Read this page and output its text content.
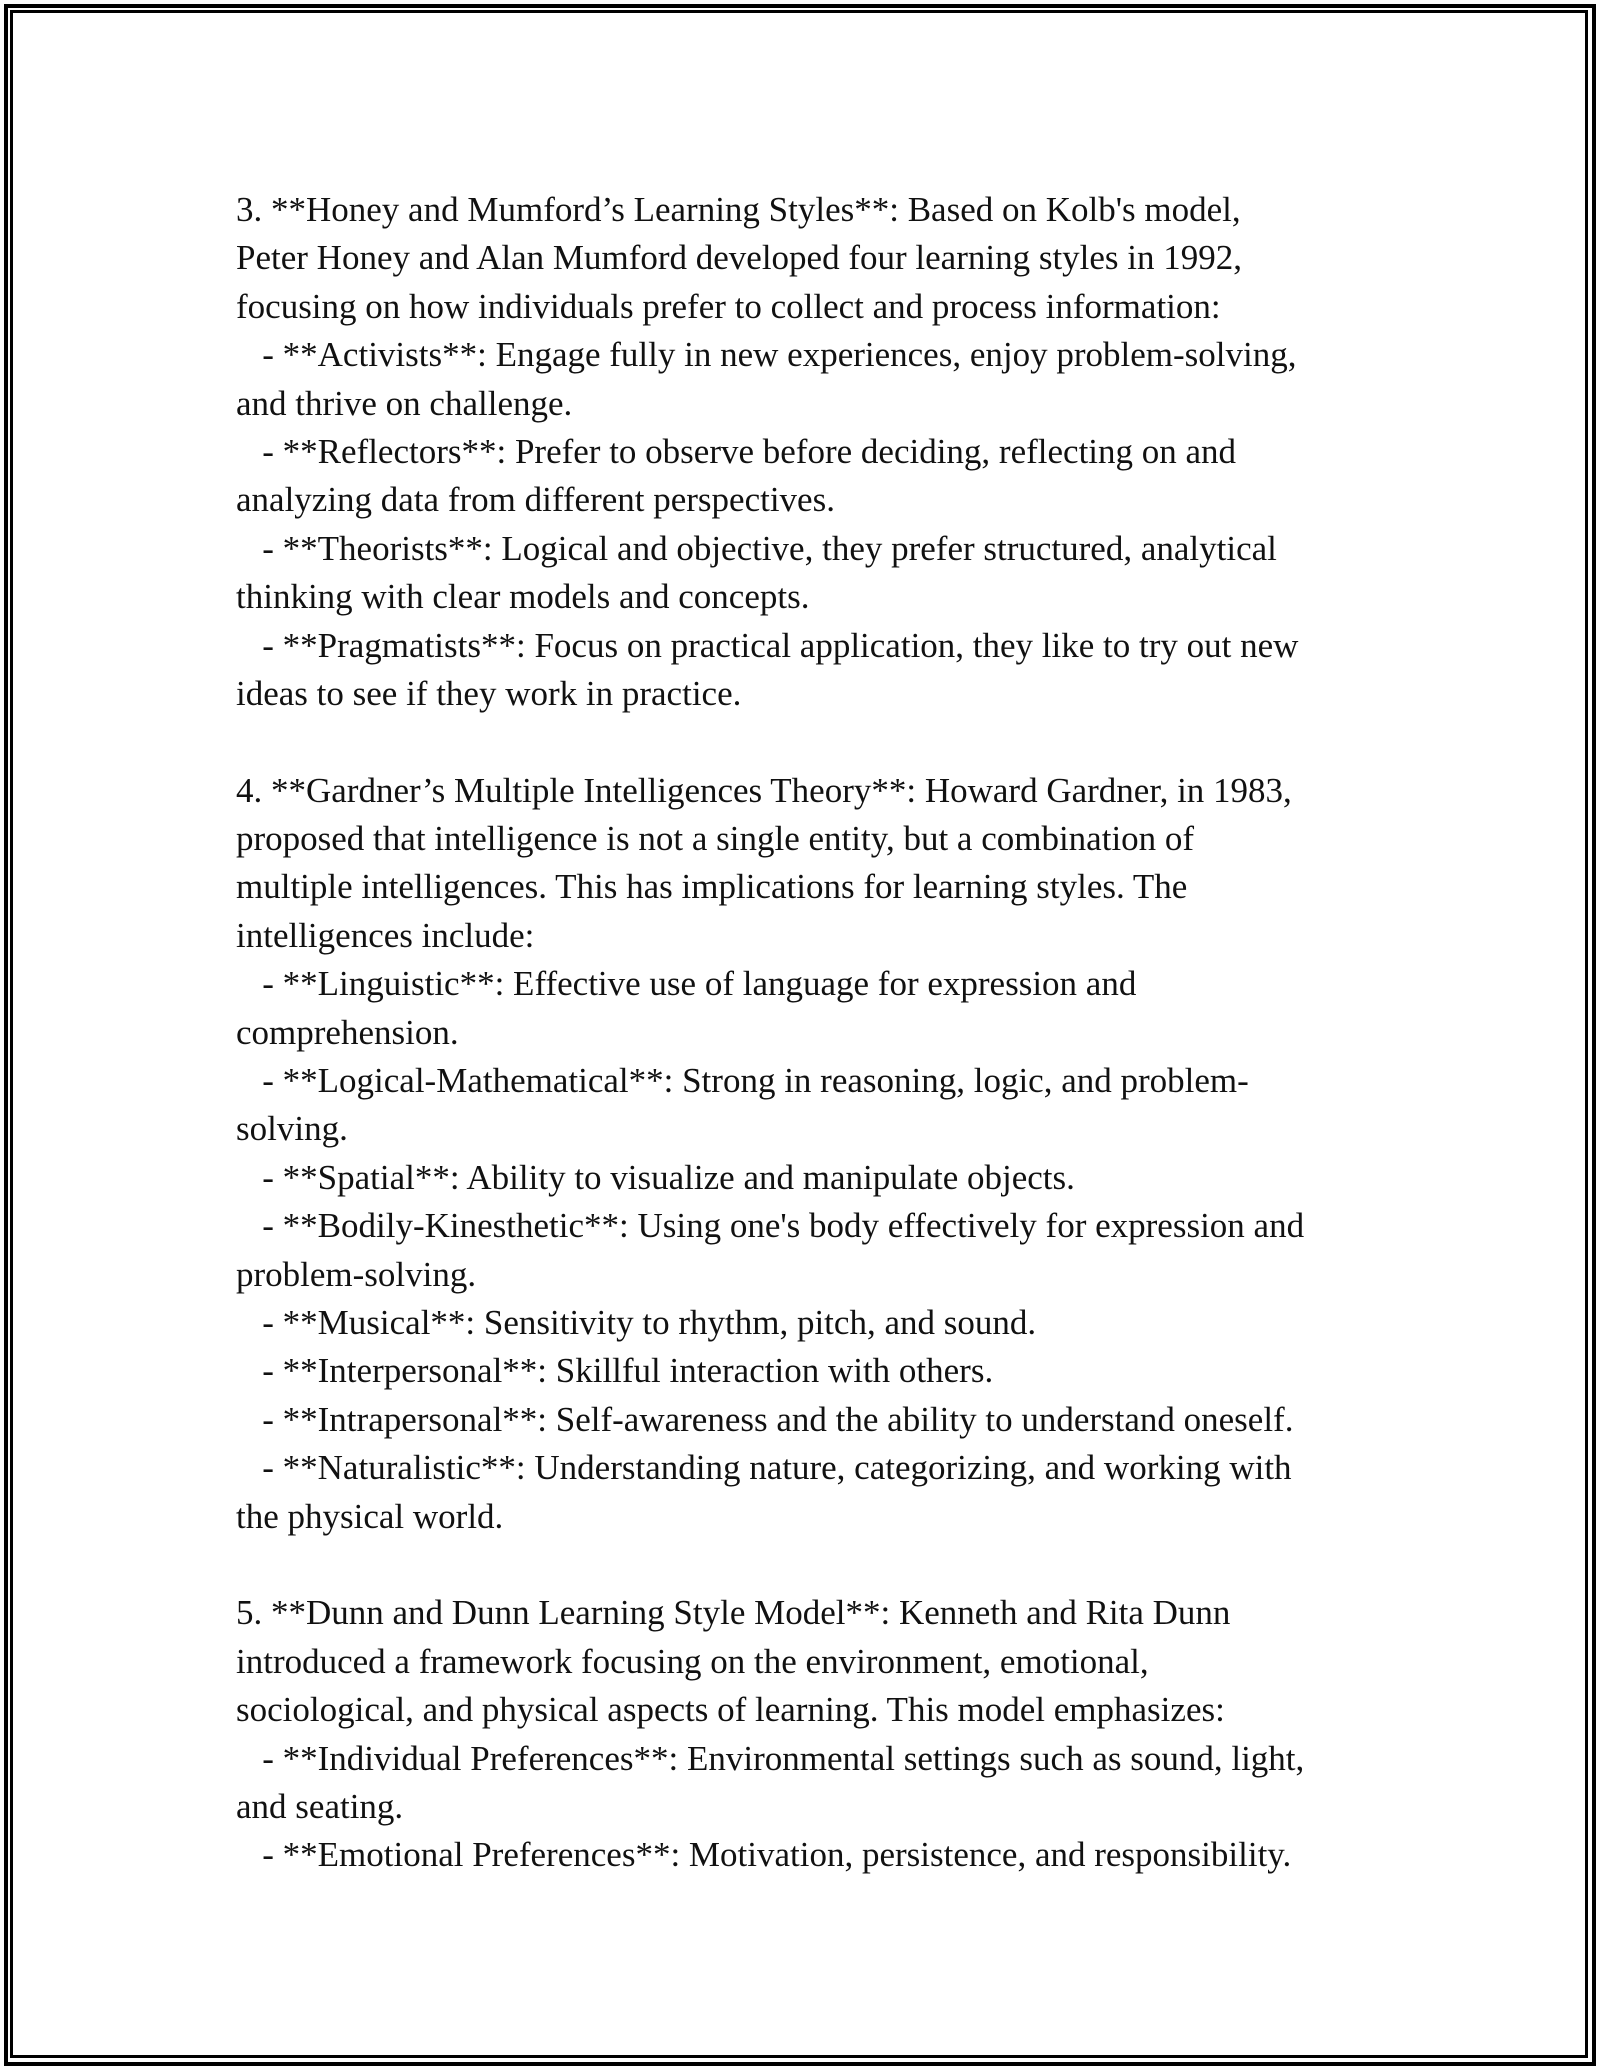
3. **Honey and Mumford’s Learning Styles**: Based on Kolb's model,
Peter Honey and Alan Mumford developed four learning styles in 1992,
focusing on how individuals prefer to collect and process information:
- **Activists**: Engage fully in new experiences, enjoy problem-solving,
and thrive on challenge.
- **Reflectors**: Prefer to observe before deciding, reflecting on and
analyzing data from different perspectives.
- **Theorists**: Logical and objective, they prefer structured, analytical
thinking with clear models and concepts.
- **Pragmatists**: Focus on practical application, they like to try out new
ideas to see if they work in practice.
4. **Gardner’s Multiple Intelligences Theory**: Howard Gardner, in 1983,
proposed that intelligence is not a single entity, but a combination of
multiple intelligences. This has implications for learning styles. The
intelligences include:
- **Linguistic**: Effective use of language for expression and
comprehension.
- **Logical-Mathematical**: Strong in reasoning, logic, and problem-
solving.
- **Spatial**: Ability to visualize and manipulate objects.
- **Bodily-Kinesthetic**: Using one's body effectively for expression and
problem-solving.
- **Musical**: Sensitivity to rhythm, pitch, and sound.
- **Interpersonal**: Skillful interaction with others.
- **Intrapersonal**: Self-awareness and the ability to understand oneself.
- **Naturalistic**: Understanding nature, categorizing, and working with
the physical world.
5. **Dunn and Dunn Learning Style Model**: Kenneth and Rita Dunn
introduced a framework focusing on the environment, emotional,
sociological, and physical aspects of learning. This model emphasizes:
- **Individual Preferences**: Environmental settings such as sound, light,
and seating.
- **Emotional Preferences**: Motivation, persistence, and responsibility.
